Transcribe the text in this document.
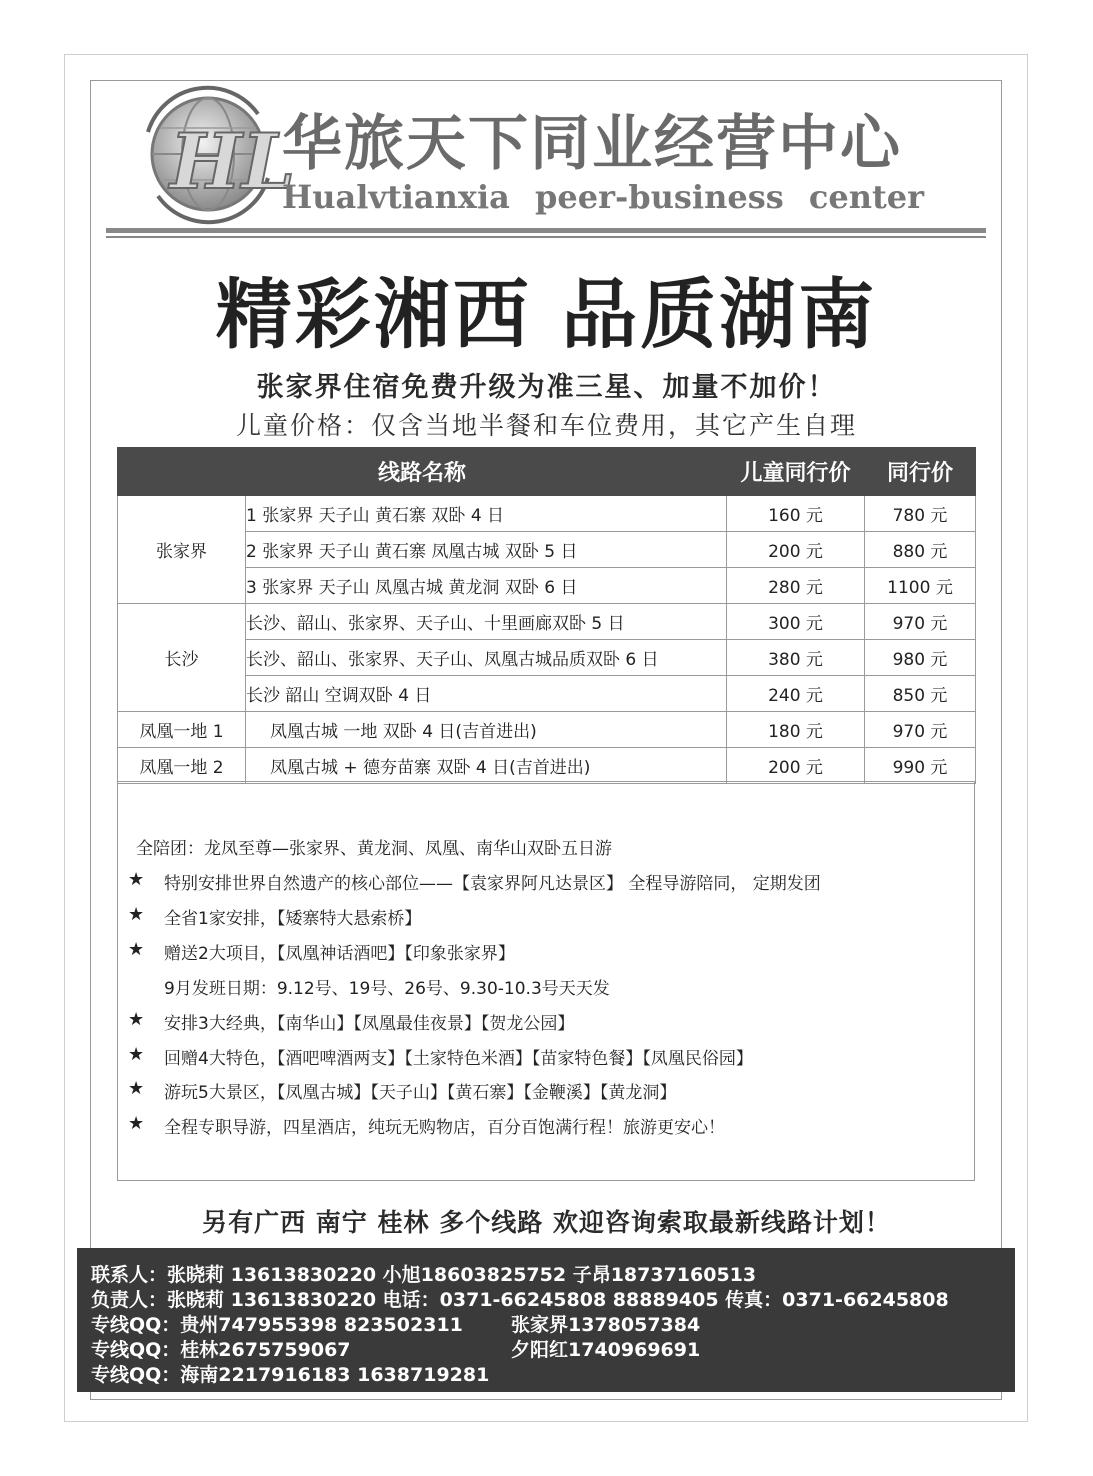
HL
华旅天下同业经营中心
Hualvtianxia peer-business center
精彩湘西 品质湖南
张家界住宿免费升级为准三星、加量不加价！
儿童价格：仅含当地半餐和车位费用，其它产生自理
线路名称		儿童同行价	同行价
张家界	1 张家界 天子山 黄石寨 双卧 4 日	160 元	780 元
	2 张家界 天子山 黄石寨 凤凰古城 双卧 5 日	200 元	880 元
	3 张家界 天子山 凤凰古城 黄龙洞 双卧 6 日	280 元	1100 元
长沙	长沙、韶山、张家界、天子山、十里画廊双卧 5 日	300 元	970 元
	长沙、韶山、张家界、天子山、凤凰古城品质双卧 6 日	380 元	980 元
	长沙 韶山 空调双卧 4 日	240 元	850 元
凤凰一地 1	凤凰古城 一地 双卧 4 日(吉首进出)	180 元	970 元
凤凰一地 2	凤凰古城 + 德夯苗寨 双卧 4 日(吉首进出)	200 元	990 元
全陪团：龙凤至尊—张家界、黄龙洞、凤凰、南华山双卧五日游
★ 特别安排世界自然遗产的核心部位——【袁家界阿凡达景区】 全程导游陪同， 定期发团
★ 全省1家安排，【矮寨特大悬索桥】
★ 赠送2大项目，【凤凰神话酒吧】【印象张家界】
9月发班日期：9.12号、19号、26号、9.30-10.3号天天发
★ 安排3大经典，【南华山】【凤凰最佳夜景】【贺龙公园】
★ 回赠4大特色，【酒吧啤酒两支】【土家特色米酒】【苗家特色餐】【凤凰民俗园】
★ 游玩5大景区，【凤凰古城】【天子山】【黄石寨】【金鞭溪】【黄龙洞】
★ 全程专职导游，四星酒店，纯玩无购物店，百分百饱满行程！旅游更安心！
另有广西 南宁 桂林 多个线路 欢迎咨询索取最新线路计划！
联系人：张晓莉 13613830220 小旭18603825752 子昂18737160513
负责人：张晓莉 13613830220 电话：0371-66245808 88889405 传真：0371-66245808
专线QQ：贵州747955398 823502311	张家界1378057384
专线QQ：桂林2675759067	夕阳红1740969691
专线QQ：海南2217916183 1638719281
